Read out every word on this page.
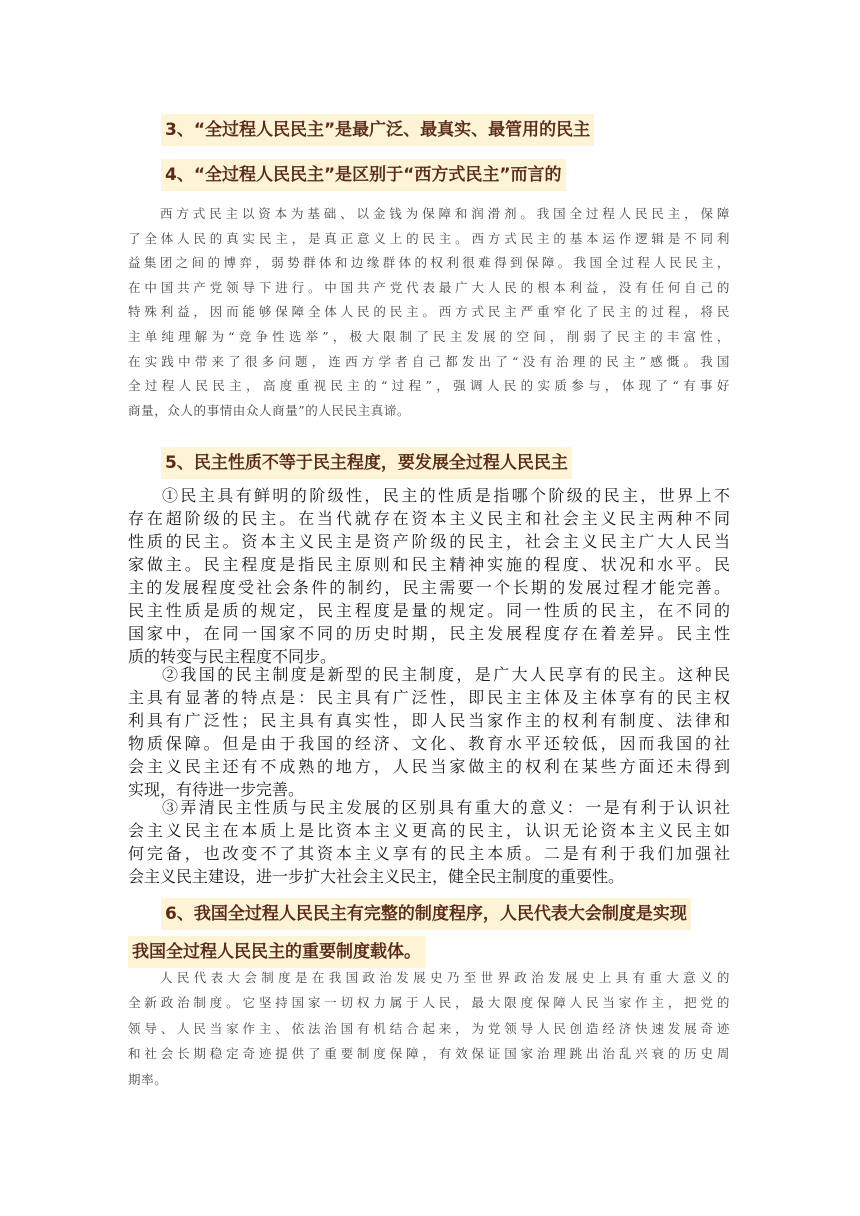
3、“全过程人民民主”是最广泛、最真实、最管用的民主
4、“全过程人民民主”是区别于“西方式民主”而言的
西方式民主以资本为基础、以金钱为保障和润滑剂。我国全过程人民民主，保障
了全体人民的真实民主，是真正意义上的民主。西方式民主的基本运作逻辑是不同利
益集团之间的博弈，弱势群体和边缘群体的权利很难得到保障。我国全过程人民民主，
在中国共产党领导下进行。中国共产党代表最广大人民的根本利益，没有任何自己的
特殊利益，因而能够保障全体人民的民主。西方式民主严重窄化了民主的过程，将民
主单纯理解为“竞争性选举”，极大限制了民主发展的空间，削弱了民主的丰富性，
在实践中带来了很多问题，连西方学者自己都发出了“没有治理的民主”感慨。我国
全过程人民民主，高度重视民主的“过程”，强调人民的实质参与，体现了“有事好
商量，众人的事情由众人商量”的人民民主真谛。
5、民主性质不等于民主程度，要发展全过程人民民主
①民主具有鲜明的阶级性，民主的性质是指哪个阶级的民主，世界上不
存在超阶级的民主。在当代就存在资本主义民主和社会主义民主两种不同
性质的民主。资本主义民主是资产阶级的民主，社会主义民主广大人民当
家做主。民主程度是指民主原则和民主精神实施的程度、状况和水平。民
主的发展程度受社会条件的制约，民主需要一个长期的发展过程才能完善。
民主性质是质的规定，民主程度是量的规定。同一性质的民主，在不同的
国家中，在同一国家不同的历史时期，民主发展程度存在着差异。民主性
质的转变与民主程度不同步。
②我国的民主制度是新型的民主制度，是广大人民享有的民主。这种民
主具有显著的特点是：民主具有广泛性，即民主主体及主体享有的民主权
利具有广泛性；民主具有真实性，即人民当家作主的权利有制度、法律和
物质保障。但是由于我国的经济、文化、教育水平还较低，因而我国的社
会主义民主还有不成熟的地方，人民当家做主的权利在某些方面还未得到
实现，有待进一步完善。
③弄清民主性质与民主发展的区别具有重大的意义：一是有利于认识社
会主义民主在本质上是比资本主义更高的民主，认识无论资本主义民主如
何完备，也改变不了其资本主义享有的民主本质。二是有利于我们加强社
会主义民主建设，进一步扩大社会主义民主，健全民主制度的重要性。
6、我国全过程人民民主有完整的制度程序，人民代表大会制度是实现
我国全过程人民民主的重要制度载体。
人民代表大会制度是在我国政治发展史乃至世界政治发展史上具有重大意义的
全新政治制度。它坚持国家一切权力属于人民，最大限度保障人民当家作主，把党的
领导、人民当家作主、依法治国有机结合起来，为党领导人民创造经济快速发展奇迹
和社会长期稳定奇迹提供了重要制度保障，有效保证国家治理跳出治乱兴衰的历史周
期率。
